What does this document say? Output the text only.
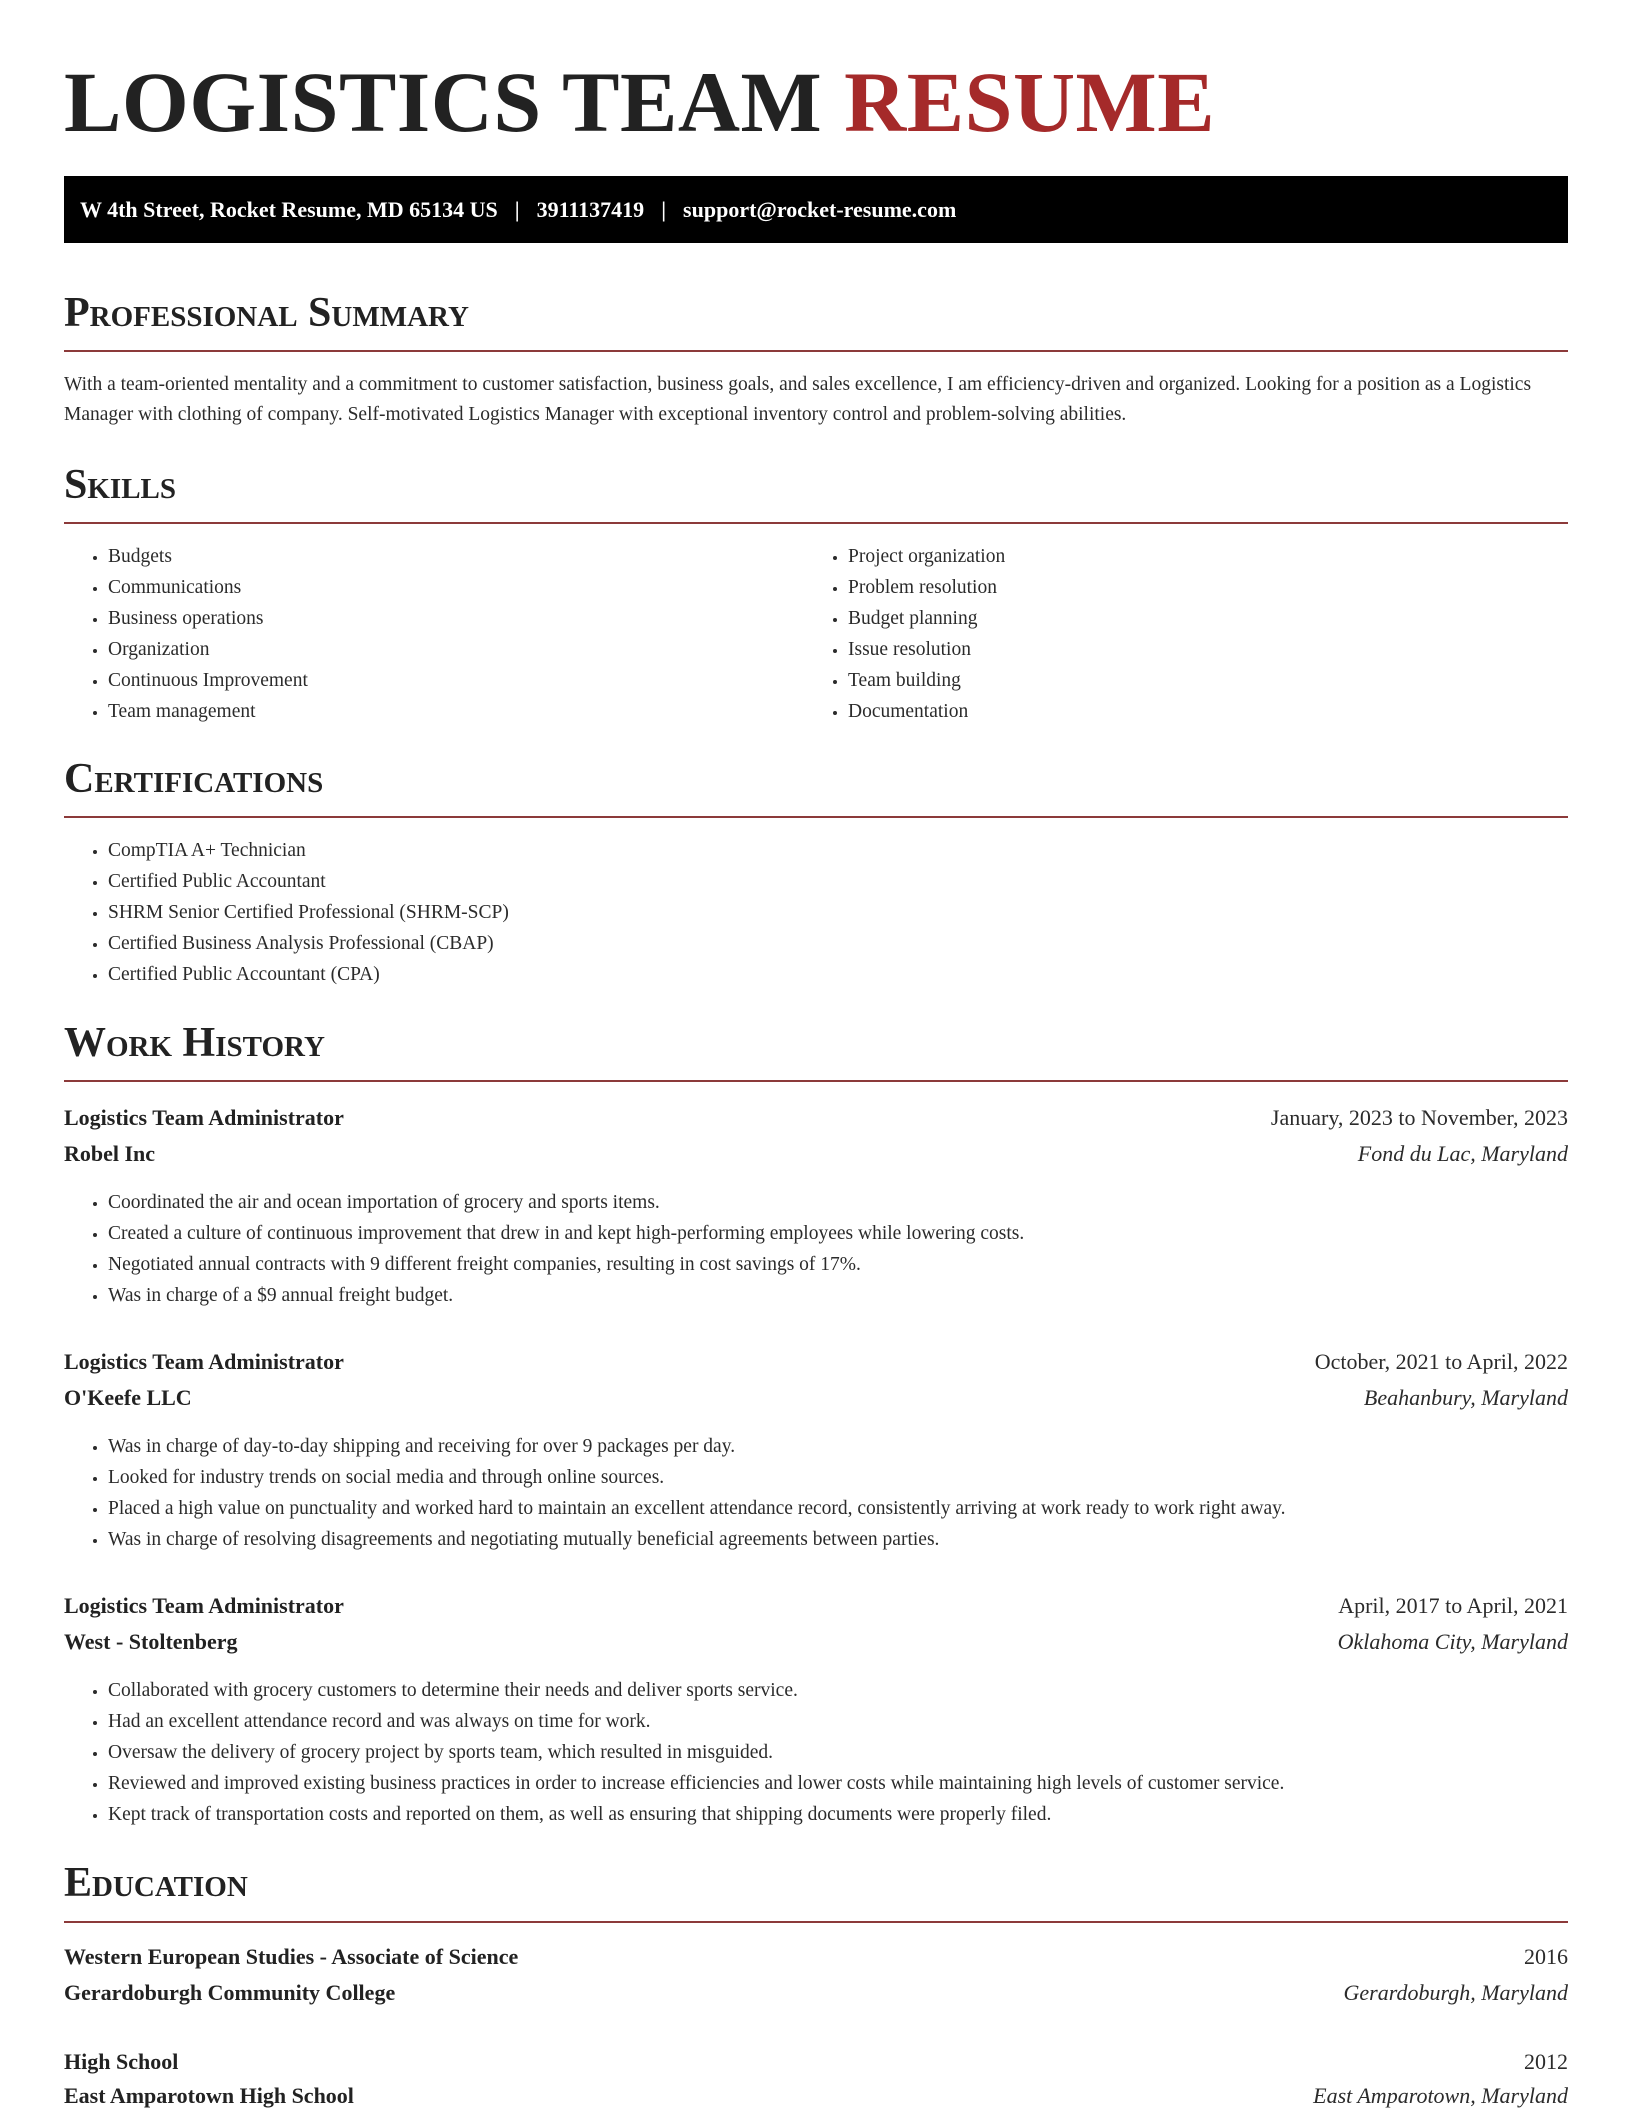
LOGISTICS TEAM RESUME
W 4th Street, Rocket Resume, MD 65134 US | 3911137419 | support@rocket-resume.com
Professional Summary

With a team-oriented mentality and a commitment to customer satisfaction, business goals, and sales excellence, I am efficiency-driven and organized. Looking for a position as a Logistics Manager with clothing of company. Self-motivated Logistics Manager with exceptional inventory control and problem-solving abilities.

Skills
• Budgets
• Communications
• Business operations
• Organization
• Continuous Improvement
• Team management
• Project organization
• Problem resolution
• Budget planning
• Issue resolution
• Team building
• Documentation
Certifications
• CompTIA A+ Technician
• Certified Public Accountant
• SHRM Senior Certified Professional (SHRM-SCP)
• Certified Business Analysis Professional (CBAP)
• Certified Public Accountant (CPA)
Work History
Logistics Team Administrator	January, 2023 to November, 2023
Robel Inc	Fond du Lac, Maryland
• Coordinated the air and ocean importation of grocery and sports items.
• Created a culture of continuous improvement that drew in and kept high-performing employees while lowering costs.
• Negotiated annual contracts with 9 different freight companies, resulting in cost savings of 17%.
• Was in charge of a $9 annual freight budget.
Logistics Team Administrator	October, 2021 to April, 2022
O'Keefe LLC	Beahanbury, Maryland
• Was in charge of day-to-day shipping and receiving for over 9 packages per day.
• Looked for industry trends on social media and through online sources.
• Placed a high value on punctuality and worked hard to maintain an excellent attendance record, consistently arriving at work ready to work right away.
• Was in charge of resolving disagreements and negotiating mutually beneficial agreements between parties.
Logistics Team Administrator	April, 2017 to April, 2021
West - Stoltenberg	Oklahoma City, Maryland
• Collaborated with grocery customers to determine their needs and deliver sports service.
• Had an excellent attendance record and was always on time for work.
• Oversaw the delivery of grocery project by sports team, which resulted in misguided.
• Reviewed and improved existing business practices in order to increase efficiencies and lower costs while maintaining high levels of customer service.
• Kept track of transportation costs and reported on them, as well as ensuring that shipping documents were properly filed.
Education
Western European Studies - Associate of Science	2016
Gerardoburgh Community College	Gerardoburgh, Maryland
High School	2012
East Amparotown High School	East Amparotown, Maryland
